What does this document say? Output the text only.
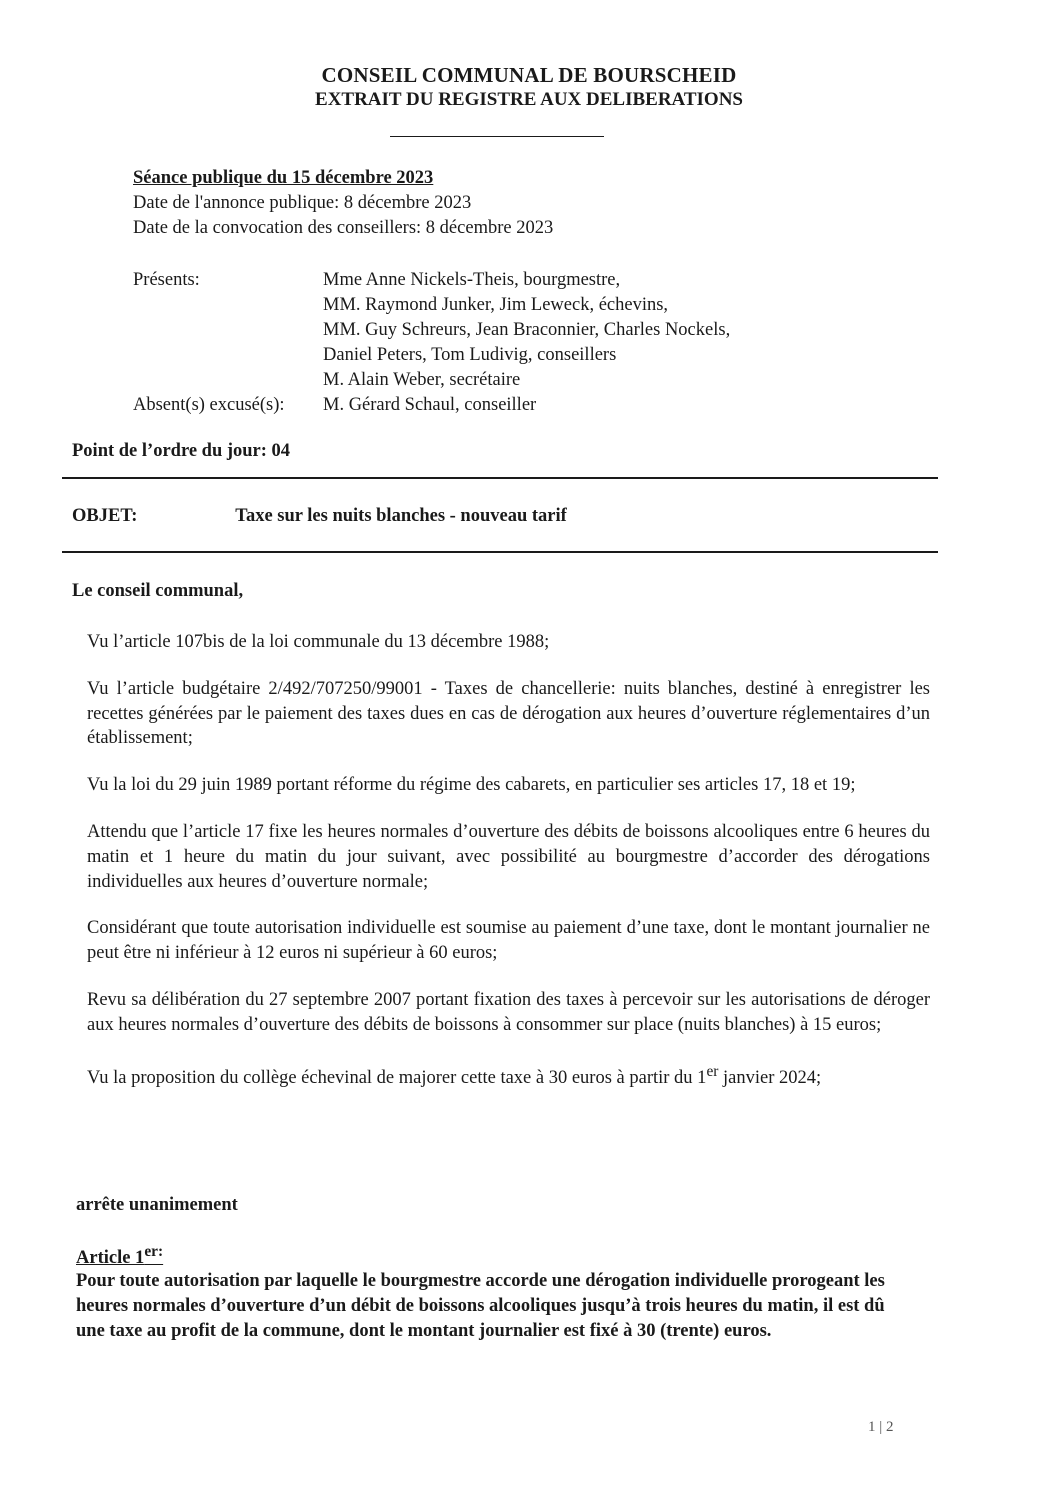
CONSEIL COMMUNAL DE BOURSCHEID
EXTRAIT DU REGISTRE AUX DELIBERATIONS
Séance publique du 15 décembre 2023
Date de l'annonce publique: 8 décembre 2023
Date de la convocation des conseillers: 8 décembre 2023
Présents:	Mme Anne Nickels-Theis, bourgmestre,
MM. Raymond Junker, Jim Leweck, échevins,
MM. Guy Schreurs, Jean Braconnier, Charles Nockels,
Daniel Peters, Tom Ludivig, conseillers
M. Alain Weber, secrétaire
Absent(s) excusé(s):	M. Gérard Schaul, conseiller
Point de l’ordre du jour: 04
OBJET:	Taxe sur les nuits blanches - nouveau tarif
Le conseil communal,

Vu l’article 107bis de la loi communale du 13 décembre 1988;

Vu l’article budgétaire 2/492/707250/99001 - Taxes de chancellerie: nuits blanches, destiné à enregistrer les recettes générées par le paiement des taxes dues en cas de dérogation aux heures d’ouverture réglementaires d’un établissement;

Vu la loi du 29 juin 1989 portant réforme du régime des cabarets, en particulier ses articles 17, 18 et 19;

Attendu que l’article 17 fixe les heures normales d’ouverture des débits de boissons alcooliques entre 6 heures du matin et 1 heure du matin du jour suivant, avec possibilité au bourgmestre d’accorder des dérogations individuelles aux heures d’ouverture normale;

Considérant que toute autorisation individuelle est soumise au paiement d’une taxe, dont le montant journalier ne peut être ni inférieur à 12 euros ni supérieur à 60 euros;

Revu sa délibération du 27 septembre 2007 portant fixation des taxes à percevoir sur les autorisations de déroger aux heures normales d’ouverture des débits de boissons à consommer sur place (nuits blanches) à 15 euros;

Vu la proposition du collège échevinal de majorer cette taxe à 30 euros à partir du 1er janvier 2024;

arrête unanimement
Article $1^{er:}$
Pour toute autorisation par laquelle le bourgmestre accorde une dérogation individuelle prorogeant les heures normales d’ouverture d’un débit de boissons alcooliques jusqu’à trois heures du matin, il est dû une taxe au profit de la commune, dont le montant journalier est fixé à 30 (trente) euros.
1 | 2
